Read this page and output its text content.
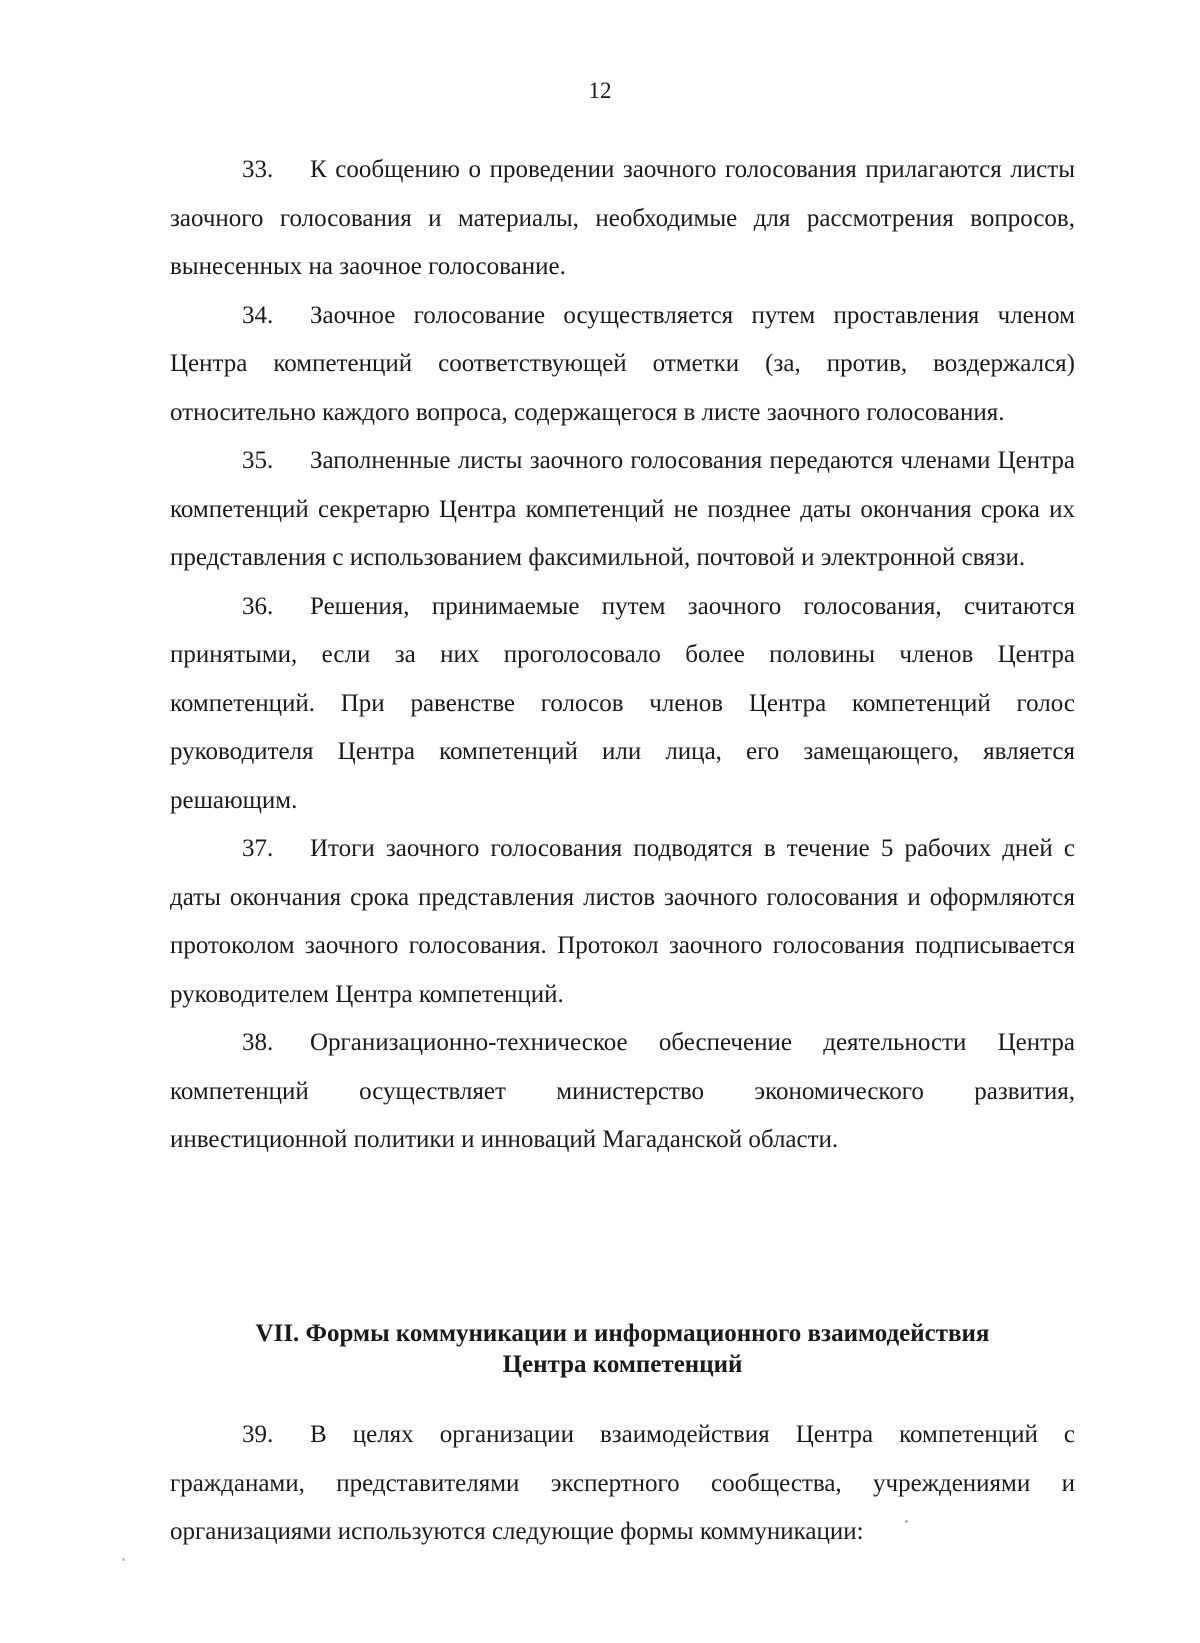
12

33. К сообщению о проведении заочного голосования прилагаются листы заочного голосования и материалы, необходимые для рассмотрения вопросов, вынесенных на заочное голосование.

34. Заочное голосование осуществляется путем проставления членом Центра компетенций соответствующей отметки (за, против, воздержался) относительно каждого вопроса, содержащегося в листе заочного голосования.

35. Заполненные листы заочного голосования передаются членами Центра компетенций секретарю Центра компетенций не позднее даты окончания срока их представления с использованием факсимильной, почтовой и электронной связи.

36. Решения, принимаемые путем заочного голосования, считаются принятыми, если за них проголосовало более половины членов Центра компетенций. При равенстве голосов членов Центра компетенций голос руководителя Центра компетенций или лица, его замещающего, является решающим.

37. Итоги заочного голосования подводятся в течение 5 рабочих дней с даты окончания срока представления листов заочного голосования и оформляются протоколом заочного голосования. Протокол заочного голосования подписывается руководителем Центра компетенций.

38. Организационно-техническое обеспечение деятельности Центра компетенций осуществляет министерство экономического развития, инвестиционной политики и инноваций Магаданской области.

VII. Формы коммуникации и информационного взаимодействия
Центра компетенций

39. В целях организации взаимодействия Центра компетенций с гражданами, представителями экспертного сообщества, учреждениями и организациями используются следующие формы коммуникации:
